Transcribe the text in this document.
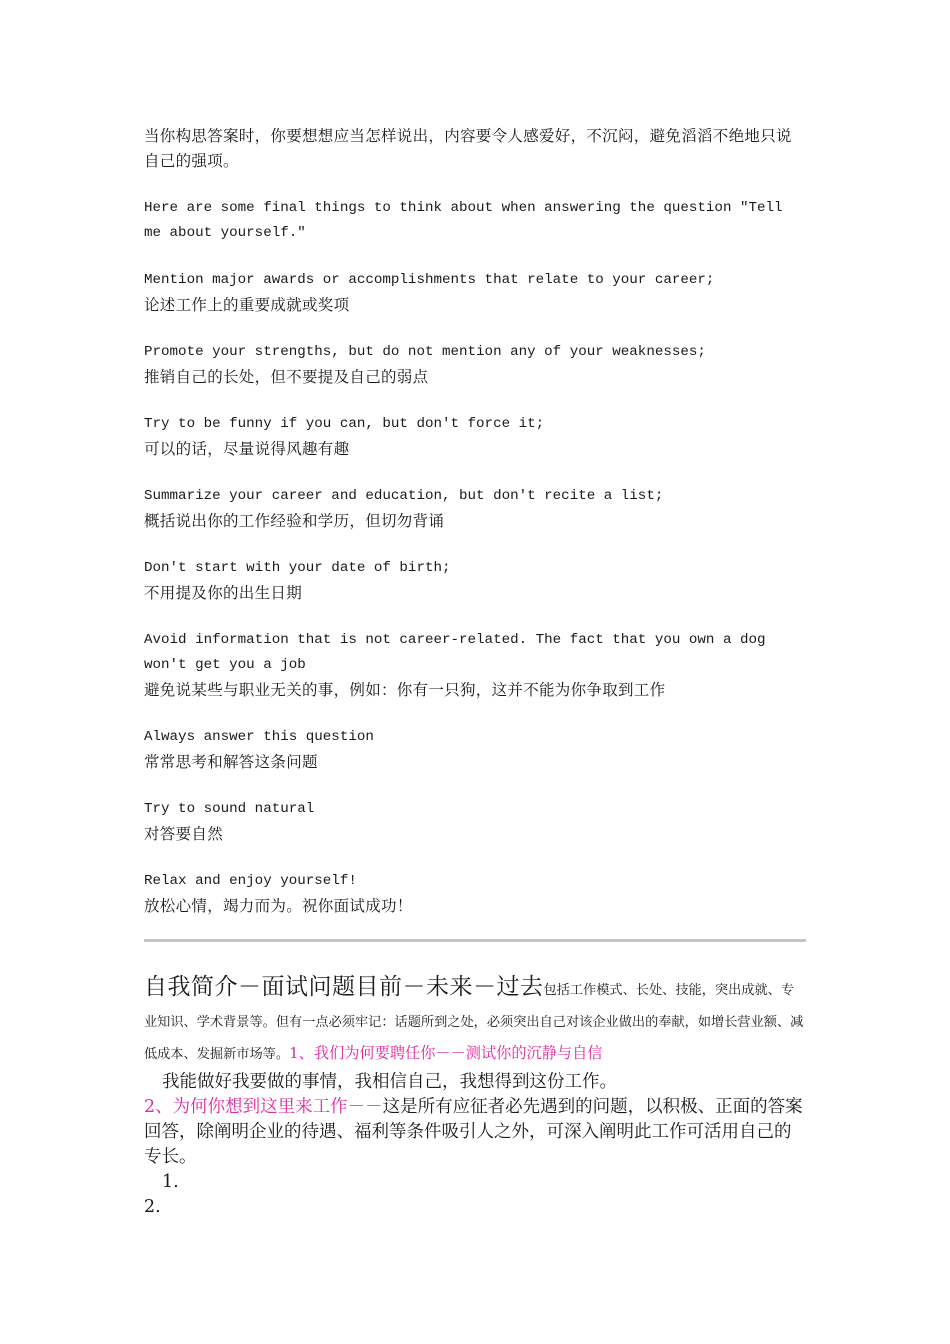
当你构思答案时，你要想想应当怎样说出，内容要令人感爱好，不沉闷，避免滔滔不绝地只说自己的强项。

Here are some final things to think about when answering the question "Tell me about yourself."

Mention major awards or accomplishments that relate to your career;

论述工作上的重要成就或奖项

Promote your strengths, but do not mention any of your weaknesses;

推销自己的长处，但不要提及自己的弱点

Try to be funny if you can, but don't force it;

可以的话，尽量说得风趣有趣

Summarize your career and education, but don't recite a list;

概括说出你的工作经验和学历，但切勿背诵

Don't start with your date of birth;

不用提及你的出生日期

Avoid information that is not career-related. The fact that you own a dog won't get you a job

避免说某些与职业无关的事，例如：你有一只狗，这并不能为你争取到工作

Always answer this question

常常思考和解答这条问题

Try to sound natural

对答要自然

Relax and enjoy yourself!

放松心情，竭力而为。祝你面试成功！

自我简介－面试问题目前－未来－过去包括工作模式、长处、技能，突出成就、专业知识、学术背景等。但有一点必须牢记：话题所到之处，必须突出自己对该企业做出的奉献，如增长营业额、减低成本、发掘新市场等。1、我们为何要聘任你－－测试你的沉静与自信

我能做好我要做的事情，我相信自己，我想得到这份工作。

2、为何你想到这里来工作－－这是所有应征者必先遇到的问题，以积极、正面的答案回答，除阐明企业的待遇、福利等条件吸引人之外，可深入阐明此工作可活用自己的专长。

1.

2.
